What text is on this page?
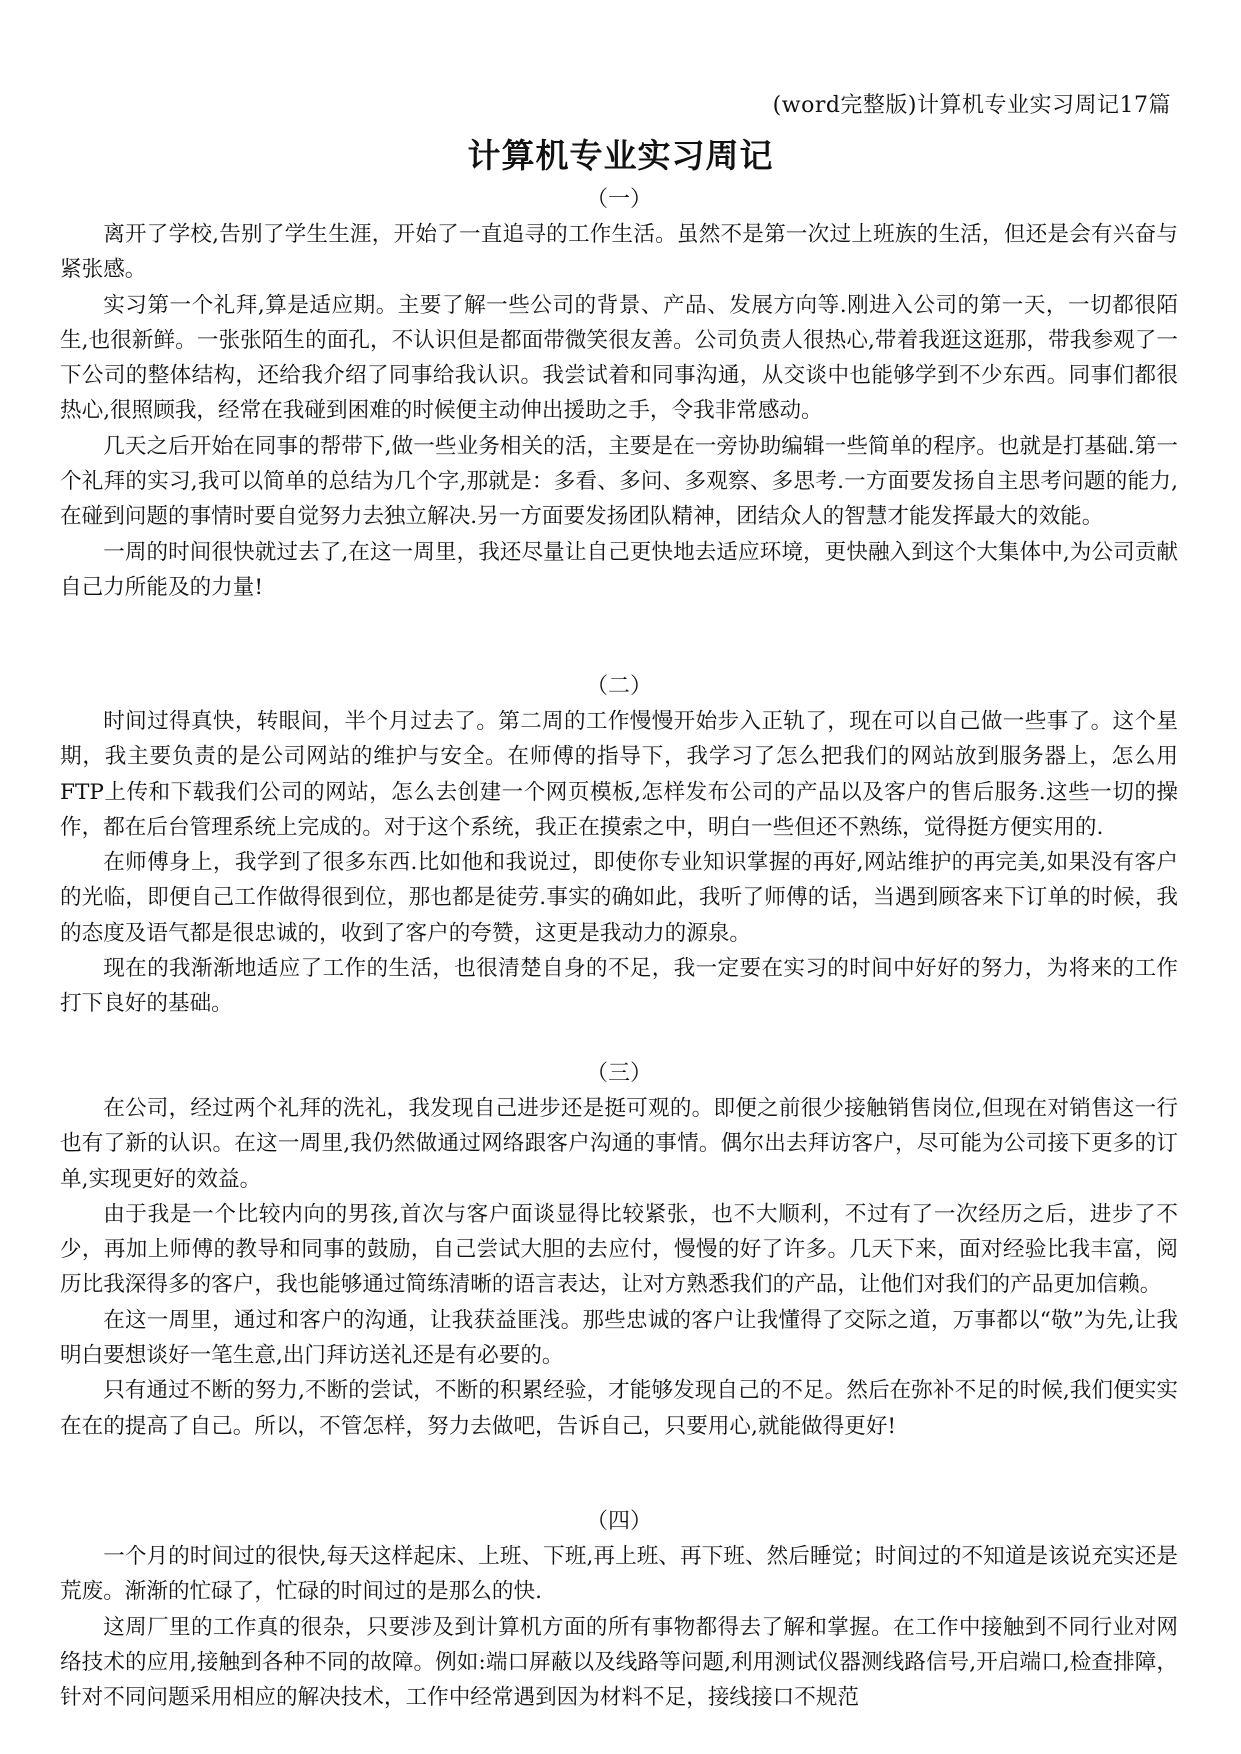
(word完整版)计算机专业实习周记17篇
计算机专业实习周记
（一）

离开了学校,告别了学生生涯，开始了一直追寻的工作生活。虽然不是第一次过上班族的生活，但还是会有兴奋与紧张感。

实习第一个礼拜,算是适应期。主要了解一些公司的背景、产品、发展方向等.刚进入公司的第一天，一切都很陌生,也很新鲜。一张张陌生的面孔，不认识但是都面带微笑很友善。公司负责人很热心,带着我逛这逛那，带我参观了一下公司的整体结构，还给我介绍了同事给我认识。我尝试着和同事沟通，从交谈中也能够学到不少东西。同事们都很热心,很照顾我，经常在我碰到困难的时候便主动伸出援助之手，令我非常感动。

几天之后开始在同事的帮带下,做一些业务相关的活，主要是在一旁协助编辑一些简单的程序。也就是打基础.第一个礼拜的实习,我可以简单的总结为几个字,那就是：多看、多问、多观察、多思考.一方面要发扬自主思考问题的能力,在碰到问题的事情时要自觉努力去独立解决.另一方面要发扬团队精神，团结众人的智慧才能发挥最大的效能。

一周的时间很快就过去了,在这一周里，我还尽量让自己更快地去适应环境，更快融入到这个大集体中,为公司贡献自己力所能及的力量!

（二）

时间过得真快，转眼间，半个月过去了。第二周的工作慢慢开始步入正轨了，现在可以自己做一些事了。这个星期，我主要负责的是公司网站的维护与安全。在师傅的指导下，我学习了怎么把我们的网站放到服务器上，怎么用FTP上传和下载我们公司的网站，怎么去创建一个网页模板,怎样发布公司的产品以及客户的售后服务.这些一切的操作，都在后台管理系统上完成的。对于这个系统，我正在摸索之中，明白一些但还不熟练，觉得挺方便实用的.

在师傅身上，我学到了很多东西.比如他和我说过，即使你专业知识掌握的再好,网站维护的再完美,如果没有客户的光临，即便自己工作做得很到位，那也都是徒劳.事实的确如此，我听了师傅的话，当遇到顾客来下订单的时候，我的态度及语气都是很忠诚的，收到了客户的夸赞，这更是我动力的源泉。

现在的我渐渐地适应了工作的生活，也很清楚自身的不足，我一定要在实习的时间中好好的努力，为将来的工作打下良好的基础。

（三）

在公司，经过两个礼拜的洗礼，我发现自己进步还是挺可观的。即便之前很少接触销售岗位,但现在对销售这一行也有了新的认识。在这一周里,我仍然做通过网络跟客户沟通的事情。偶尔出去拜访客户，尽可能为公司接下更多的订单,实现更好的效益。

由于我是一个比较内向的男孩,首次与客户面谈显得比较紧张，也不大顺利，不过有了一次经历之后，进步了不少，再加上师傅的教导和同事的鼓励，自己尝试大胆的去应付，慢慢的好了许多。几天下来，面对经验比我丰富，阅历比我深得多的客户，我也能够通过简练清晰的语言表达，让对方熟悉我们的产品，让他们对我们的产品更加信赖。

在这一周里，通过和客户的沟通，让我获益匪浅。那些忠诚的客户让我懂得了交际之道，万事都以“敬”为先,让我明白要想谈好一笔生意,出门拜访送礼还是有必要的。

只有通过不断的努力,不断的尝试，不断的积累经验，才能够发现自己的不足。然后在弥补不足的时候,我们便实实在在的提高了自己。所以，不管怎样，努力去做吧，告诉自己，只要用心,就能做得更好!

（四）

一个月的时间过的很快,每天这样起床、上班、下班,再上班、再下班、然后睡觉；时间过的不知道是该说充实还是荒废。渐渐的忙碌了，忙碌的时间过的是那么的快.

这周厂里的工作真的很杂，只要涉及到计算机方面的所有事物都得去了解和掌握。在工作中接触到不同行业对网络技术的应用,接触到各种不同的故障。例如:端口屏蔽以及线路等问题,利用测试仪器测线路信号,开启端口,检查排障，针对不同问题采用相应的解决技术，工作中经常遇到因为材料不足，接线接口不规范
